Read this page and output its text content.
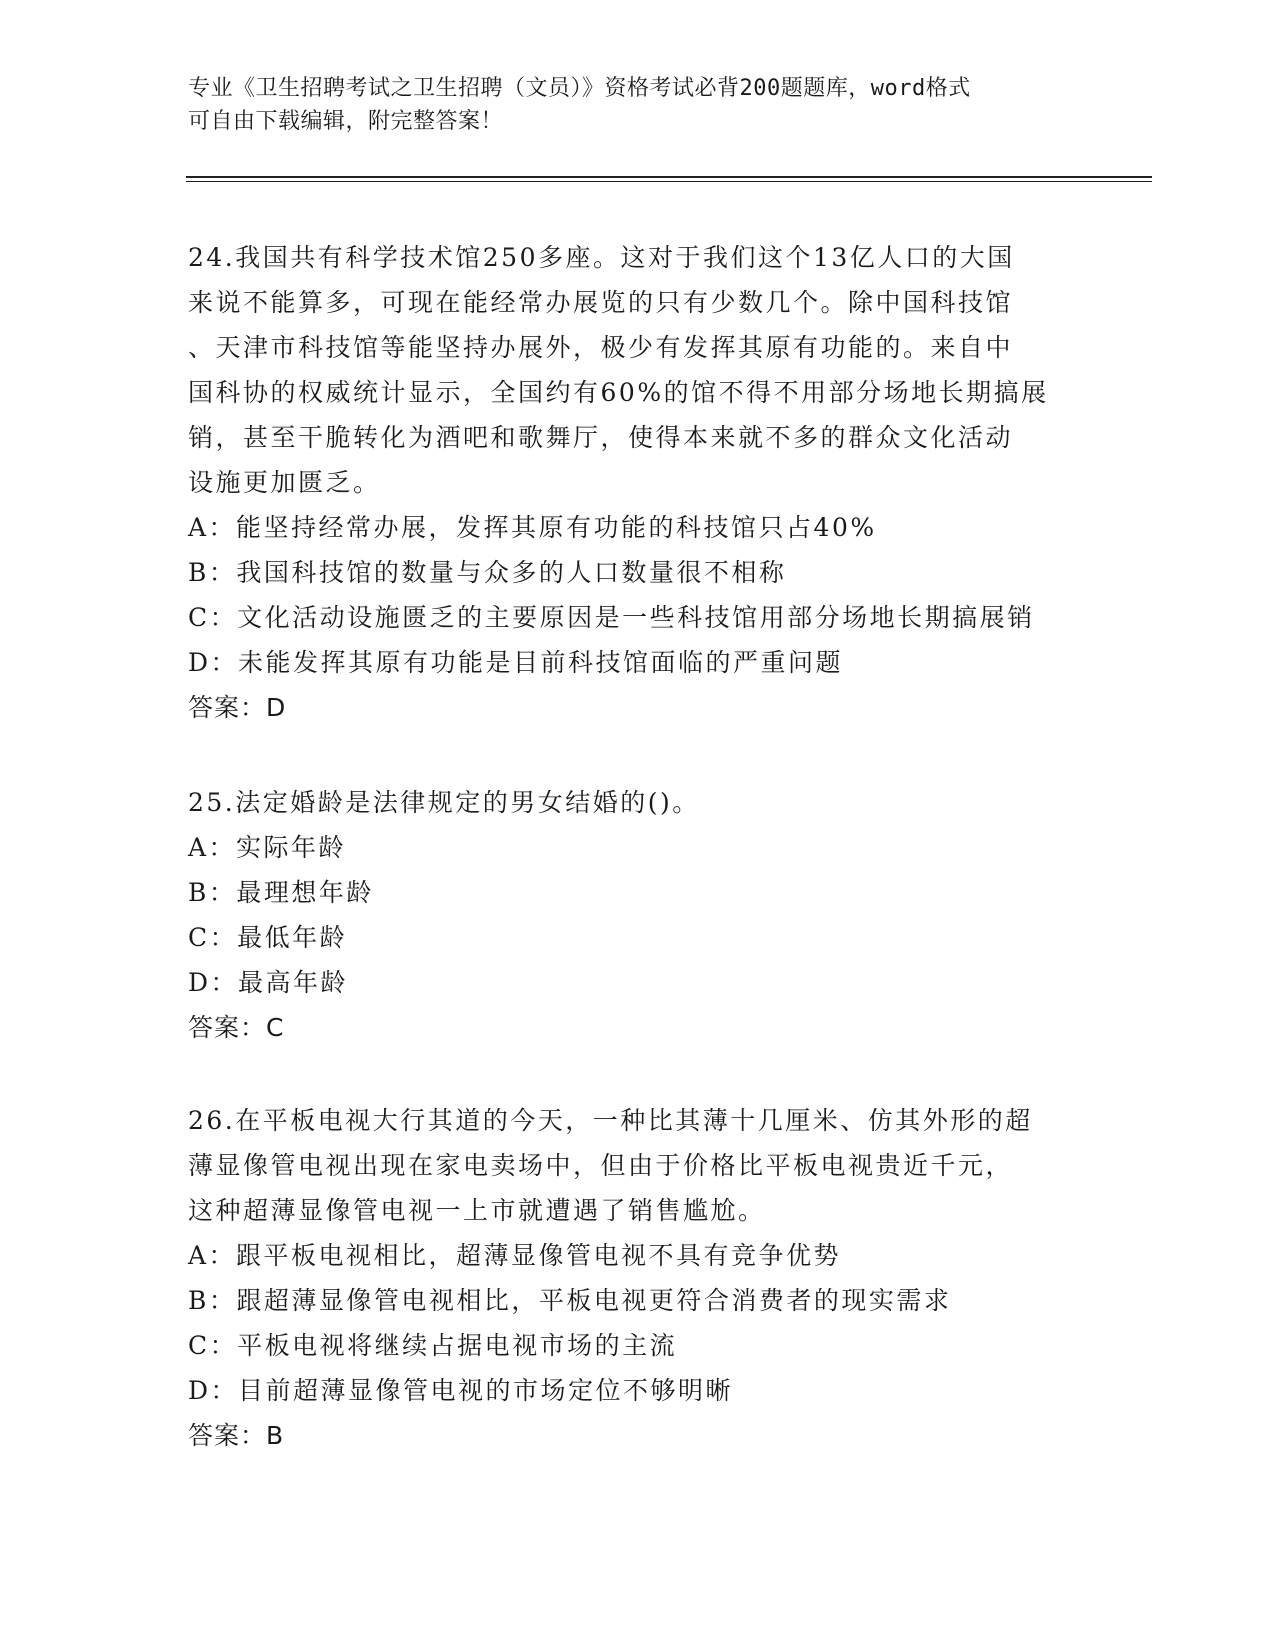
专业《卫生招聘考试之卫生招聘（文员）》资格考试必背200题题库，word格式
可自由下载编辑，附完整答案！

24.我国共有科学技术馆250多座。这对于我们这个13亿人口的大国

来说不能算多，可现在能经常办展览的只有少数几个。除中国科技馆

、天津市科技馆等能坚持办展外，极少有发挥其原有功能的。来自中

国科协的权威统计显示，全国约有60%的馆不得不用部分场地长期搞展

销，甚至干脆转化为酒吧和歌舞厅，使得本来就不多的群众文化活动

设施更加匮乏。

A：能坚持经常办展，发挥其原有功能的科技馆只占40%

B：我国科技馆的数量与众多的人口数量很不相称

C：文化活动设施匮乏的主要原因是一些科技馆用部分场地长期搞展销

D：未能发挥其原有功能是目前科技馆面临的严重问题

答案：D

25.法定婚龄是法律规定的男女结婚的()。

A：实际年龄

B：最理想年龄

C：最低年龄

D：最高年龄

答案：C

26.在平板电视大行其道的今天，一种比其薄十几厘米、仿其外形的超

薄显像管电视出现在家电卖场中，但由于价格比平板电视贵近千元，

这种超薄显像管电视一上市就遭遇了销售尴尬。

A：跟平板电视相比，超薄显像管电视不具有竞争优势

B：跟超薄显像管电视相比，平板电视更符合消费者的现实需求

C：平板电视将继续占据电视市场的主流

D：目前超薄显像管电视的市场定位不够明晰

答案：B
